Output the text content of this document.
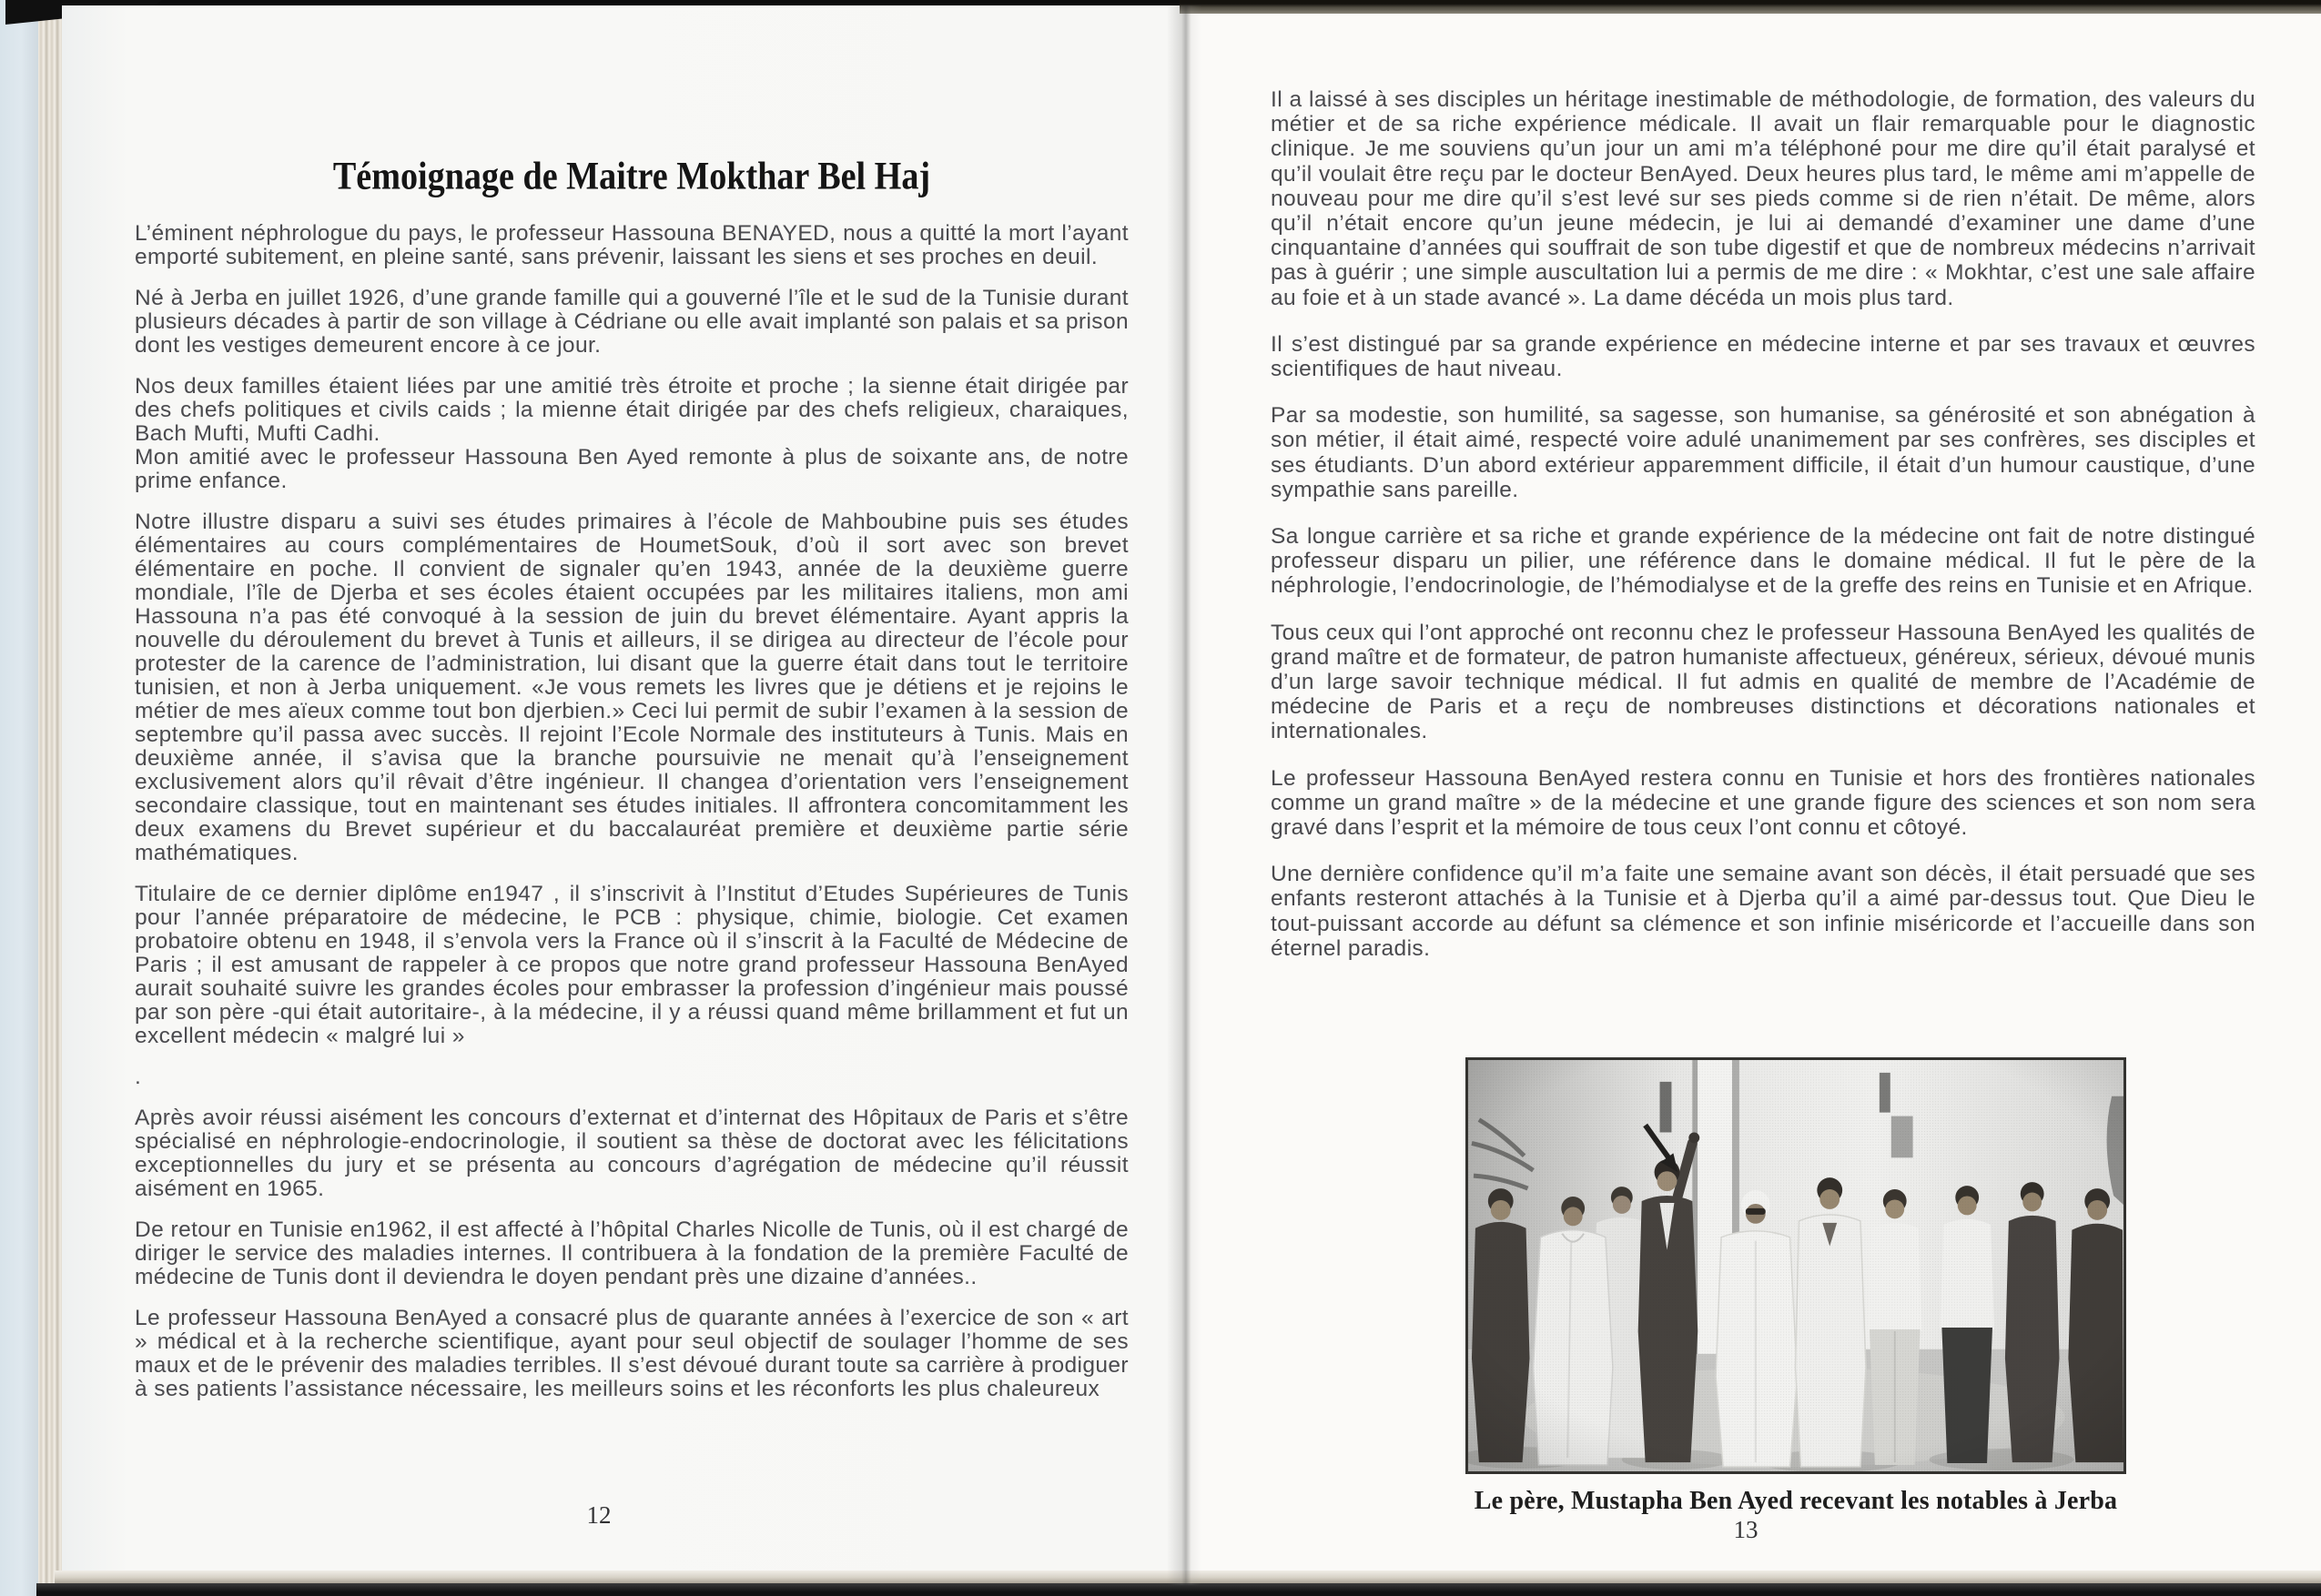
Témoignage de Maitre Mokthar Bel Haj

L’éminent néphrologue du pays, le professeur Hassouna BENAYED, nous a quitté la mort l’ayant emporté subitement, en pleine santé, sans prévenir, laissant les siens et ses proches en deuil.

Né à Jerba en juillet 1926, d’une grande famille qui a gouverné l’île et le sud de la Tunisie durant plusieurs décades à partir de son village à Cédriane ou elle avait implanté son palais et sa prison dont les vestiges demeurent encore à ce jour.

Nos deux familles étaient liées par une amitié très étroite et proche ; la sienne était dirigée par des chefs politiques et civils caids ; la mienne était dirigée par des chefs religieux, charaiques, Bach Mufti, Mufti Cadhi.

Mon amitié avec le professeur Hassouna Ben Ayed remonte à plus de soixante ans, de notre prime enfance.

Notre illustre disparu a suivi ses études primaires à l’école de Mahboubine puis ses études élémentaires au cours complémentaires de HoumetSouk, d’où il sort avec son brevet élémentaire en poche. Il convient de signaler qu’en 1943, année de la deuxième guerre mondiale, l’île de Djerba et ses écoles étaient occupées par les militaires italiens, mon ami Hassouna n’a pas été convoqué à la session de juin du brevet élémentaire. Ayant appris la nouvelle du déroulement du brevet à Tunis et ailleurs, il se dirigea au directeur de l’école pour protester de la carence de l’administration, lui disant que la guerre était dans tout le territoire tunisien, et non à Jerba uniquement. «Je vous remets les livres que je détiens et je rejoins le métier de mes aïeux comme tout bon djerbien.» Ceci lui permit de subir l’examen à la session de septembre qu’il passa avec succès. Il rejoint l’Ecole Normale des instituteurs à Tunis. Mais en deuxième année, il s’avisa que la branche poursuivie ne menait qu’à l’enseignement exclusivement alors qu’il rêvait d’être ingénieur. Il changea d’orientation vers l’enseignement secondaire classique, tout en maintenant ses études initiales. Il affrontera concomitamment les deux examens du Brevet supérieur et du baccalauréat première et deuxième partie série mathématiques.

Titulaire de ce dernier diplôme en1947 , il s’inscrivit à l’Institut d’Etudes Supérieures de Tunis pour l’année préparatoire de médecine, le PCB : physique, chimie, biologie. Cet examen probatoire obtenu en 1948, il s’envola vers la France où il s’inscrit à la Faculté de Médecine de Paris ; il est amusant de rappeler à ce propos que notre grand professeur Hassouna BenAyed aurait souhaité suivre les grandes écoles pour embrasser la profession d’ingénieur mais poussé par son père -qui était autoritaire-, à la médecine, il y a réussi quand même brillamment et fut un excellent médecin « malgré lui »

.

Après avoir réussi aisément les concours d’externat et d’internat des Hôpitaux de Paris et s’être spécialisé en néphrologie-endocrinologie, il soutient sa thèse de doctorat avec les félicitations exceptionnelles du jury et se présenta au concours d’agrégation de médecine qu’il réussit aisément en 1965.

De retour en Tunisie en1962, il est affecté à l’hôpital Charles Nicolle de Tunis, où il est chargé de diriger le service des maladies internes. Il contribuera à la fondation de la première Faculté de médecine de Tunis dont il deviendra le doyen pendant près une dizaine d’années..

Le professeur Hassouna BenAyed a consacré plus de quarante années à l’exercice de son « art » médical et à la recherche scientifique, ayant pour seul objectif de soulager l’homme de ses maux et de le prévenir des maladies terribles. Il s’est dévoué durant toute sa carrière à prodiguer à ses patients l’assistance nécessaire, les meilleurs soins et les réconforts les plus chaleureux

Il a laissé à ses disciples un héritage inestimable de méthodologie, de formation, des valeurs du métier et de sa riche expérience médicale. Il avait un flair remarquable pour le diagnostic clinique. Je me souviens qu’un jour un ami m’a téléphoné pour me dire qu’il était paralysé et qu’il voulait être reçu par le docteur BenAyed. Deux heures plus tard, le même ami m’appelle de nouveau pour me dire qu’il s’est levé sur ses pieds comme si de rien n’était. De même, alors qu’il n’était encore qu’un jeune médecin, je lui ai demandé d’examiner une dame d’une cinquantaine d’années qui souffrait de son tube digestif et que de nombreux médecins n’arrivait pas à guérir ; une simple auscultation lui a permis de me dire : « Mokhtar, c’est une sale affaire au foie et à un stade avancé ». La dame décéda un mois plus tard.

Il s’est distingué par sa grande expérience en médecine interne et par ses travaux et œuvres scientifiques de haut niveau.

Par sa modestie, son humilité, sa sagesse, son humanise, sa générosité et son abnégation à son métier, il était aimé, respecté voire adulé unanimement par ses confrères, ses disciples et ses étudiants. D’un abord extérieur apparemment difficile, il était d’un humour caustique, d’une sympathie sans pareille.

Sa longue carrière et sa riche et grande expérience de la médecine ont fait de notre distingué professeur disparu un pilier, une référence dans le domaine médical. Il fut le père de la néphrologie, l’endocrinologie, de l’hémodialyse et de la greffe des reins en Tunisie et en Afrique.

Tous ceux qui l’ont approché ont reconnu chez le professeur Hassouna BenAyed les qualités de grand maître et de formateur, de patron humaniste affectueux, généreux, sérieux, dévoué munis d’un large savoir technique médical. Il fut admis en qualité de membre de l’Académie de médecine de Paris et a reçu de nombreuses distinctions et décorations nationales et internationales.

Le professeur Hassouna BenAyed restera connu en Tunisie et hors des frontières nationales comme un grand maître » de la médecine et une grande figure des sciences et son nom sera gravé dans l’esprit et la mémoire de tous ceux l’ont connu et côtoyé.

Une dernière confidence qu’il m’a faite une semaine avant son décès, il était persuadé que ses enfants resteront attachés à la Tunisie et à Djerba qu’il a aimé par-dessus tout. Que Dieu le tout-puissant accorde au défunt sa clémence et son infinie miséricorde et l’accueille dans son éternel paradis.

Le père, Mustapha Ben Ayed recevant les notables à Jerba
12
13
